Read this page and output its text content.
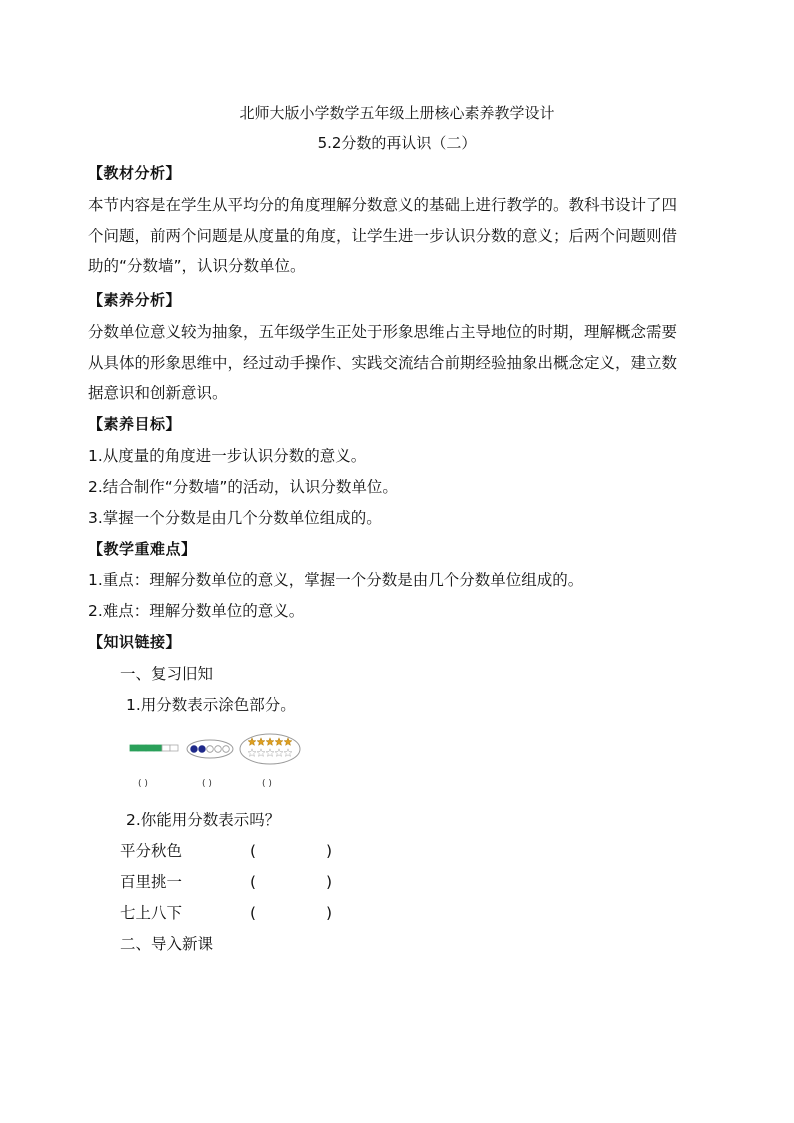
北师大版小学数学五年级上册核心素养教学设计
5.2分数的再认识（二）
【教材分析】
本节内容是在学生从平均分的角度理解分数意义的基础上进行教学的。教科书设计了四
个问题，前两个问题是从度量的角度，让学生进一步认识分数的意义；后两个问题则借
助的“分数墙”，认识分数单位。
【素养分析】
分数单位意义较为抽象，五年级学生正处于形象思维占主导地位的时期，理解概念需要
从具体的形象思维中，经过动手操作、实践交流结合前期经验抽象出概念定义，建立数
据意识和创新意识。
【素养目标】
1.从度量的角度进一步认识分数的意义。
2.结合制作“分数墙”的活动，认识分数单位。
3.掌握一个分数是由几个分数单位组成的。
【教学重难点】
1.重点：理解分数单位的意义，掌握一个分数是由几个分数单位组成的。
2.难点：理解分数单位的意义。
【知识链接】
一、复习旧知
1.用分数表示涂色部分。
( )	( )	( )
2.你能用分数表示吗？
平分秋色	(	)
百里挑一	(	)
七上八下	(	)
二、导入新课
